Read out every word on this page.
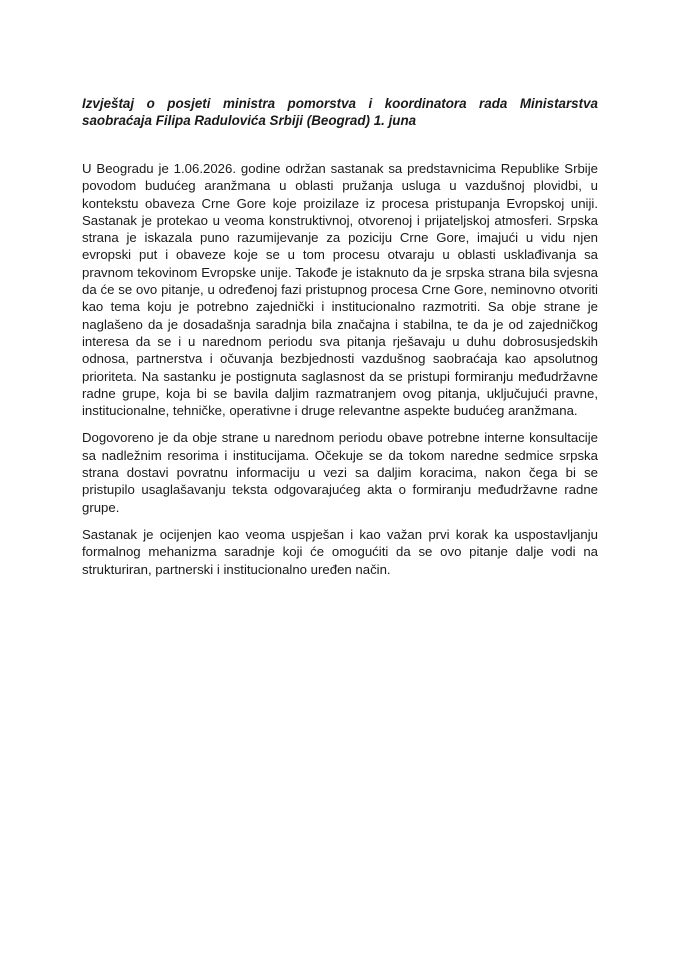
Izvještaj o posjeti ministra pomorstva i koordinatora rada Ministarstva saobraćaja Filipa Radulovića Srbiji (Beograd) 1. juna

U Beogradu je 1.06.2026. godine održan sastanak sa predstavnicima Republike Srbije povodom budućeg aranžmana u oblasti pružanja usluga u vazdušnoj plovidbi, u kontekstu obaveza Crne Gore koje proizilaze iz procesa pristupanja Evropskoj uniji. Sastanak je protekao u veoma konstruktivnoj, otvorenoj i prijateljskoj atmosferi. Srpska strana je iskazala puno razumijevanje za poziciju Crne Gore, imajući u vidu njen evropski put i obaveze koje se u tom procesu otvaraju u oblasti usklađivanja sa pravnom tekovinom Evropske unije. Takođe je istaknuto da je srpska strana bila svjesna da će se ovo pitanje, u određenoj fazi pristupnog procesa Crne Gore, neminovno otvoriti kao tema koju je potrebno zajednički i institucionalno razmotriti. Sa obje strane je naglašeno da je dosadašnja saradnja bila značajna i stabilna, te da je od zajedničkog interesa da se i u narednom periodu sva pitanja rješavaju u duhu dobrosusjedskih odnosa, partnerstva i očuvanja bezbjednosti vazdušnog saobraćaja kao apsolutnog prioriteta. Na sastanku je postignuta saglasnost da se pristupi formiranju međudržavne radne grupe, koja bi se bavila daljim razmatranjem ovog pitanja, uključujući pravne, institucionalne, tehničke, operativne i druge relevantne aspekte budućeg aranžmana.

Dogovoreno je da obje strane u narednom periodu obave potrebne interne konsultacije sa nadležnim resorima i institucijama. Očekuje se da tokom naredne sedmice srpska strana dostavi povratnu informaciju u vezi sa daljim koracima, nakon čega bi se pristupilo usaglašavanju teksta odgovarajućeg akta o formiranju međudržavne radne grupe.

Sastanak je ocijenjen kao veoma uspješan i kao važan prvi korak ka uspostavljanju formalnog mehanizma saradnje koji će omogućiti da se ovo pitanje dalje vodi na strukturiran, partnerski i institucionalno uređen način.
